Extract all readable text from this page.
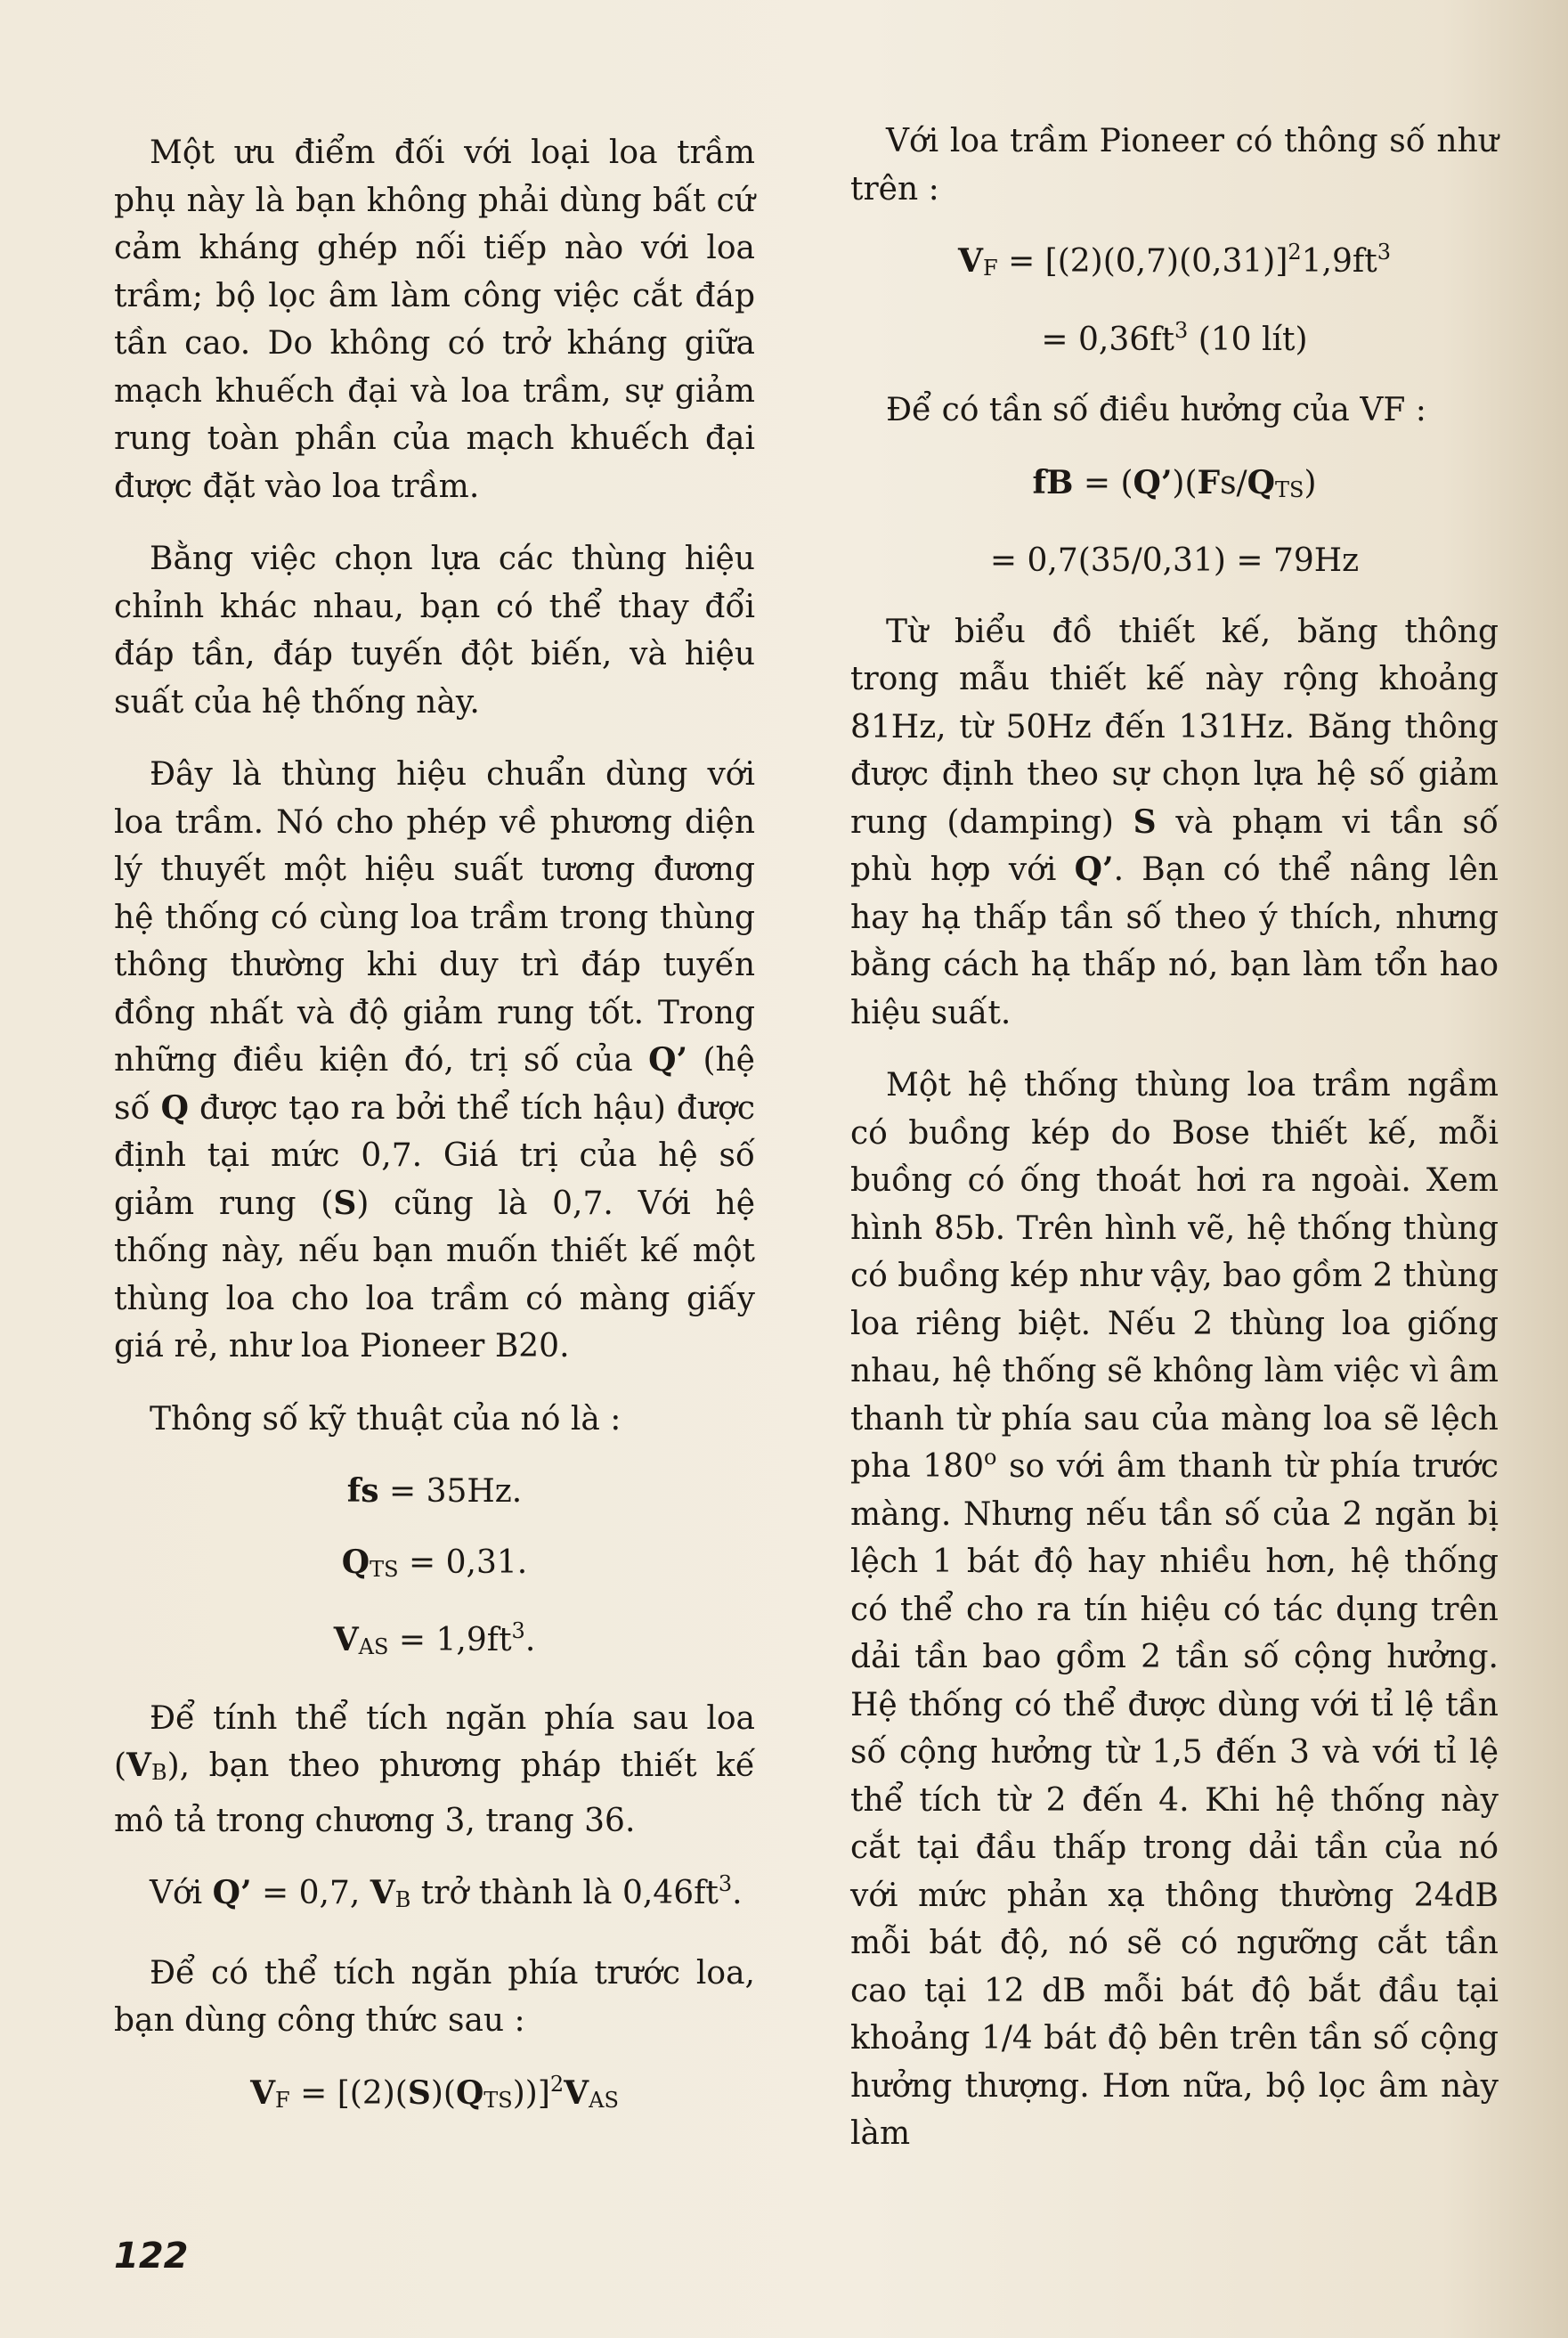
Một ưu điểm đối với loại loa trầm phụ này là bạn không phải dùng bất cứ cảm kháng ghép nối tiếp nào với loa trầm; bộ lọc âm làm công việc cắt đáp tần cao. Do không có trở kháng giữa mạch khuếch đại và loa trầm, sự giảm rung toàn phần của mạch khuếch đại được đặt vào loa trầm.

Bằng việc chọn lựa các thùng hiệu chỉnh khác nhau, bạn có thể thay đổi đáp tần, đáp tuyến đột biến, và hiệu suất của hệ thống này.

Đây là thùng hiệu chuẩn dùng với loa trầm. Nó cho phép về phương diện lý thuyết một hiệu suất tương đương hệ thống có cùng loa trầm trong thùng thông thường khi duy trì đáp tuyến đồng nhất và độ giảm rung tốt. Trong những điều kiện đó, trị số của Q’ (hệ số Q được tạo ra bởi thể tích hậu) được định tại mức 0,7. Giá trị của hệ số giảm rung (S) cũng là 0,7. Với hệ thống này, nếu bạn muốn thiết kế một thùng loa cho loa trầm có màng giấy giá rẻ, như loa Pioneer B20.

Thông số kỹ thuật của nó là :

fs = 35Hz.
$Q_{TS} = 0,31$.
$V_{AS} = 1,9ft^3$.

Để tính thể tích ngăn phía sau loa $(V_B)$, bạn theo phương pháp thiết kế mô tả trong chương 3, trang 36.

Với Q’ = 0,7, $V_B$ trở thành là $0,46ft^3$.

Để có thể tích ngăn phía trước loa, bạn dùng công thức sau :

$V_F = [(2)(S)(Q_{TS}))]^2V_{AS}$

Với loa trầm Pioneer có thông số như trên :

$V_F = [(2)(0,7)(0,31)]^21,9ft^3$
= $0,36ft^3$ (10 lít)

Để có tần số điều hưởng của VF :

fB = $(Q’)(Fs/Q_{TS})$
= 0,7(35/0,31) = 79Hz

Từ biểu đồ thiết kế, băng thông trong mẫu thiết kế này rộng khoảng 81Hz, từ 50Hz đến 131Hz. Băng thông được định theo sự chọn lựa hệ số giảm rung (damping) S và phạm vi tần số phù hợp với Q’. Bạn có thể nâng lên hay hạ thấp tần số theo ý thích, nhưng bằng cách hạ thấp nó, bạn làm tổn hao hiệu suất.

Một hệ thống thùng loa trầm ngầm có buồng kép do Bose thiết kế, mỗi buồng có ống thoát hơi ra ngoài. Xem hình 85b. Trên hình vẽ, hệ thống thùng có buồng kép như vậy, bao gồm 2 thùng loa riêng biệt. Nếu 2 thùng loa giống nhau, hệ thống sẽ không làm việc vì âm thanh từ phía sau của màng loa sẽ lệch pha 180$^o$ so với âm thanh từ phía trước màng. Nhưng nếu tần số của 2 ngăn bị lệch 1 bát độ hay nhiều hơn, hệ thống có thể cho ra tín hiệu có tác dụng trên dải tần bao gồm 2 tần số cộng hưởng. Hệ thống có thể được dùng với tỉ lệ tần số cộng hưởng từ 1,5 đến 3 và với tỉ lệ thể tích từ 2 đến 4. Khi hệ thống này cắt tại đầu thấp trong dải tần của nó với mức phản xạ thông thường 24dB mỗi bát độ, nó sẽ có ngưỡng cắt tần cao tại 12 dB mỗi bát độ bắt đầu tại khoảng 1/4 bát độ bên trên tần số cộng hưởng thượng. Hơn nữa, bộ lọc âm này làm

122
